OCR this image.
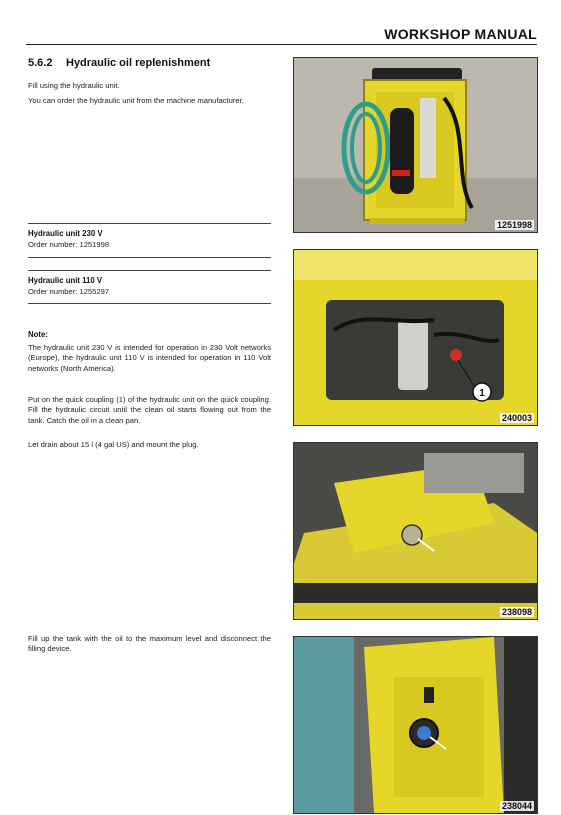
WORKSHOP MANUAL
5.6.2 Hydraulic oil replenishment

Fill using the hydraulic unit.

You can order the hydraulic unit from the machine manufacturer.

Hydraulic unit 230 V
Order number: 1251998
Hydraulic unit 110 V
Order number: 1255297
Note:

The hydraulic unit 230 V is intended for operation in 230 Volt networks (Europe), the hydraulic unit 110 V is intended for operation in 110 Volt networks (North America).

Put on the quick coupling (1) of the hydraulic unit on the quick coupling. Fill the hydraulic circuit until the clean oil starts flowing out from the tank. Catch the oil in a clean pan.

Let drain about 15 l (4 gal US) and mount the plug.

Fill up the tank with the oil to the maximum level and disconnect the filling device.

1251998
1
240003
238098
238044
